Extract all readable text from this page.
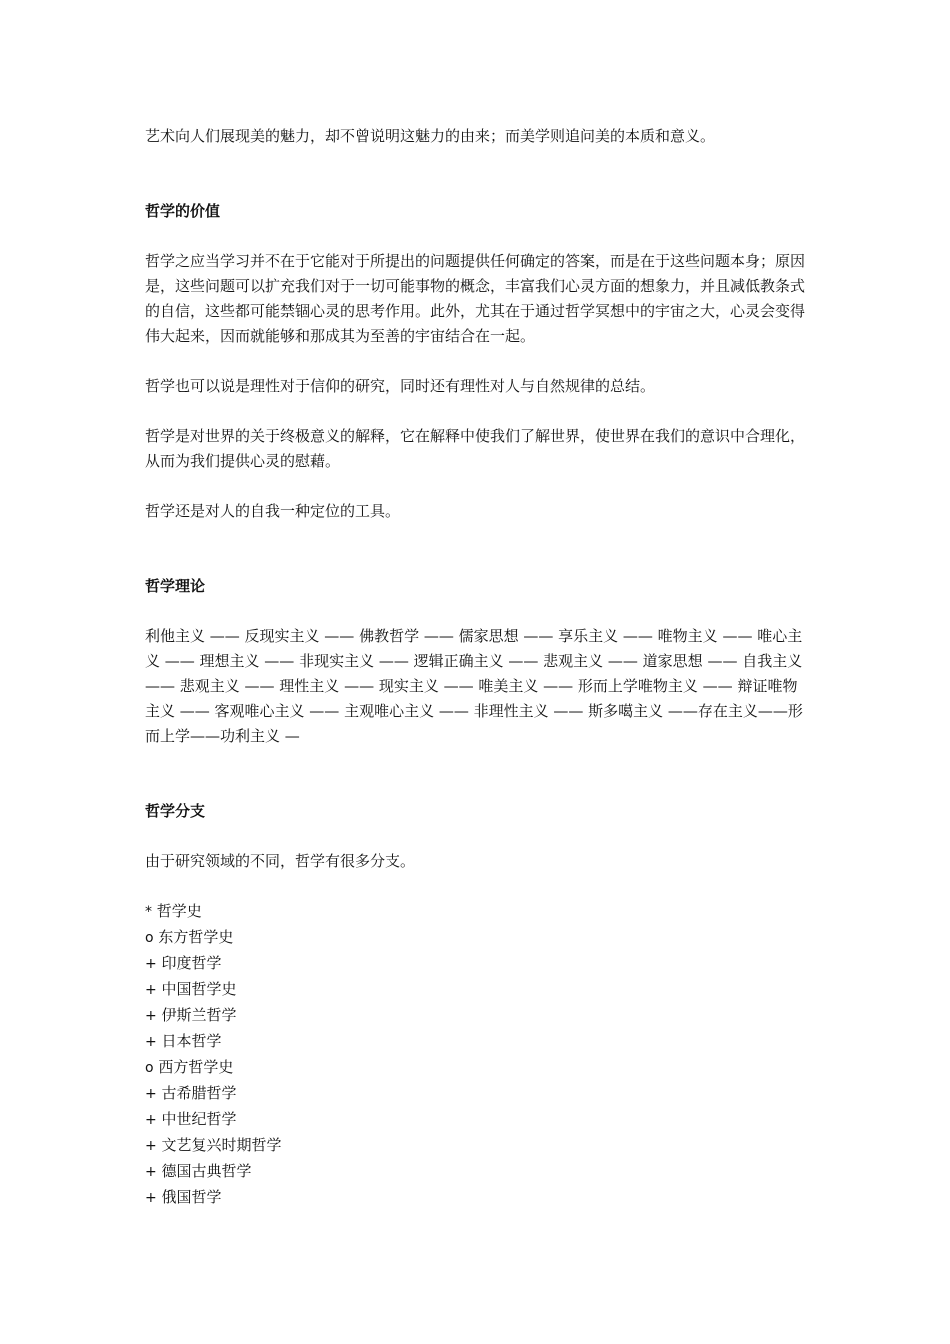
艺术向人们展现美的魅力，却不曾说明这魅力的由来；而美学则追问美的本质和意义。

哲学的价值

哲学之应当学习并不在于它能对于所提出的问题提供任何确定的答案，而是在于这些问题本身；原因是，这些问题可以扩充我们对于一切可能事物的概念，丰富我们心灵方面的想象力，并且减低教条式的自信，这些都可能禁锢心灵的思考作用。此外，尤其在于通过哲学冥想中的宇宙之大，心灵会变得伟大起来，因而就能够和那成其为至善的宇宙结合在一起。

哲学也可以说是理性对于信仰的研究，同时还有理性对人与自然规律的总结。

哲学是对世界的关于终极意义的解释，它在解释中使我们了解世界，使世界在我们的意识中合理化，从而为我们提供心灵的慰藉。

哲学还是对人的自我一种定位的工具。

哲学理论

利他主义 —— 反现实主义 —— 佛教哲学 —— 儒家思想 —— 享乐主义 —— 唯物主义 —— 唯心主义 —— 理想主义 —— 非现实主义 —— 逻辑正确主义 —— 悲观主义 —— 道家思想 —— 自我主义 —— 悲观主义 —— 理性主义 —— 现实主义 —— 唯美主义 —— 形而上学唯物主义 —— 辩证唯物主义 —— 客观唯心主义 —— 主观唯心主义 —— 非理性主义 —— 斯多噶主义 ——存在主义——形而上学——功利主义 —

哲学分支

由于研究领域的不同，哲学有很多分支。

* 哲学史
o 东方哲学史
+ 印度哲学
+ 中国哲学史
+ 伊斯兰哲学
+ 日本哲学
o 西方哲学史
+ 古希腊哲学
+ 中世纪哲学
+ 文艺复兴时期哲学
+ 德国古典哲学
+ 俄国哲学
